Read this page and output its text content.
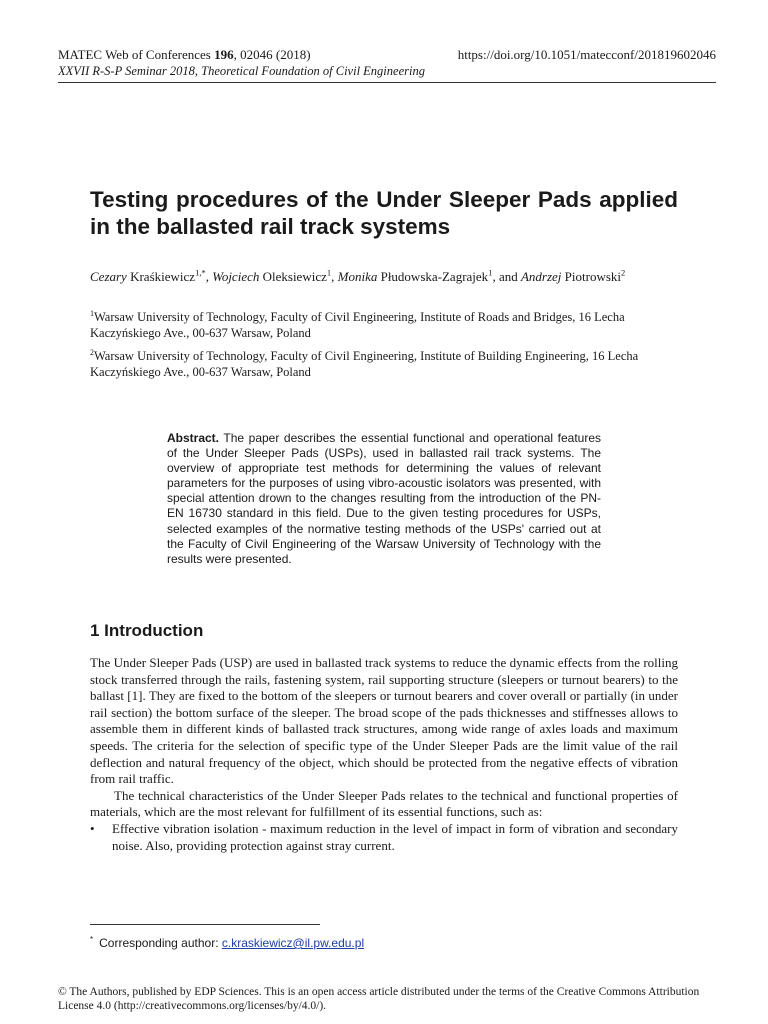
MATEC Web of Conferences 196, 02046 (2018)	https://doi.org/10.1051/matecconf/201819602046
XXVII R-S-P Seminar 2018, Theoretical Foundation of Civil Engineering
Testing procedures of the Under Sleeper Pads applied in the ballasted rail track systems
Cezary Kraśkiewicz$^{1,*}$, Wojciech Oleksiewicz$^1$, Monika Płudowska-Zagrajek$^1$, and Andrzej Piotrowski$^2$
$^1$Warsaw University of Technology, Faculty of Civil Engineering, Institute of Roads and Bridges, 16 Lecha Kaczyńskiego Ave., 00-637 Warsaw, Poland
$^2$Warsaw University of Technology, Faculty of Civil Engineering, Institute of Building Engineering, 16 Lecha Kaczyńskiego Ave., 00-637 Warsaw, Poland
Abstract. The paper describes the essential functional and operational features of the Under Sleeper Pads (USPs), used in ballasted rail track systems. The overview of appropriate test methods for determining the values of relevant parameters for the purposes of using vibro-acoustic isolators was presented, with special attention drown to the changes resulting from the introduction of the PN-EN 16730 standard in this field. Due to the given testing procedures for USPs, selected examples of the normative testing methods of the USPs' carried out at the Faculty of Civil Engineering of the Warsaw University of Technology with the results were presented.
1 Introduction

The Under Sleeper Pads (USP) are used in ballasted track systems to reduce the dynamic effects from the rolling stock transferred through the rails, fastening system, rail supporting structure (sleepers or turnout bearers) to the ballast [1]. They are fixed to the bottom of the sleepers or turnout bearers and cover overall or partially (in under rail section) the bottom surface of the sleeper. The broad scope of the pads thicknesses and stiffnesses allows to assemble them in different kinds of ballasted track structures, among wide range of axles loads and maximum speeds. The criteria for the selection of specific type of the Under Sleeper Pads are the limit value of the rail deflection and natural frequency of the object, which should be protected from the negative effects of vibration from rail traffic.

The technical characteristics of the Under Sleeper Pads relates to the technical and functional properties of materials, which are the most relevant for fulfillment of its essential functions, such as:

•	Effective vibration isolation - maximum reduction in the level of impact in form of vibration and secondary noise. Also, providing protection against stray current.
* Corresponding author: c.kraskiewicz@il.pw.edu.pl
© The Authors, published by EDP Sciences. This is an open access article distributed under the terms of the Creative Commons Attribution License 4.0 (http://creativecommons.org/licenses/by/4.0/).
